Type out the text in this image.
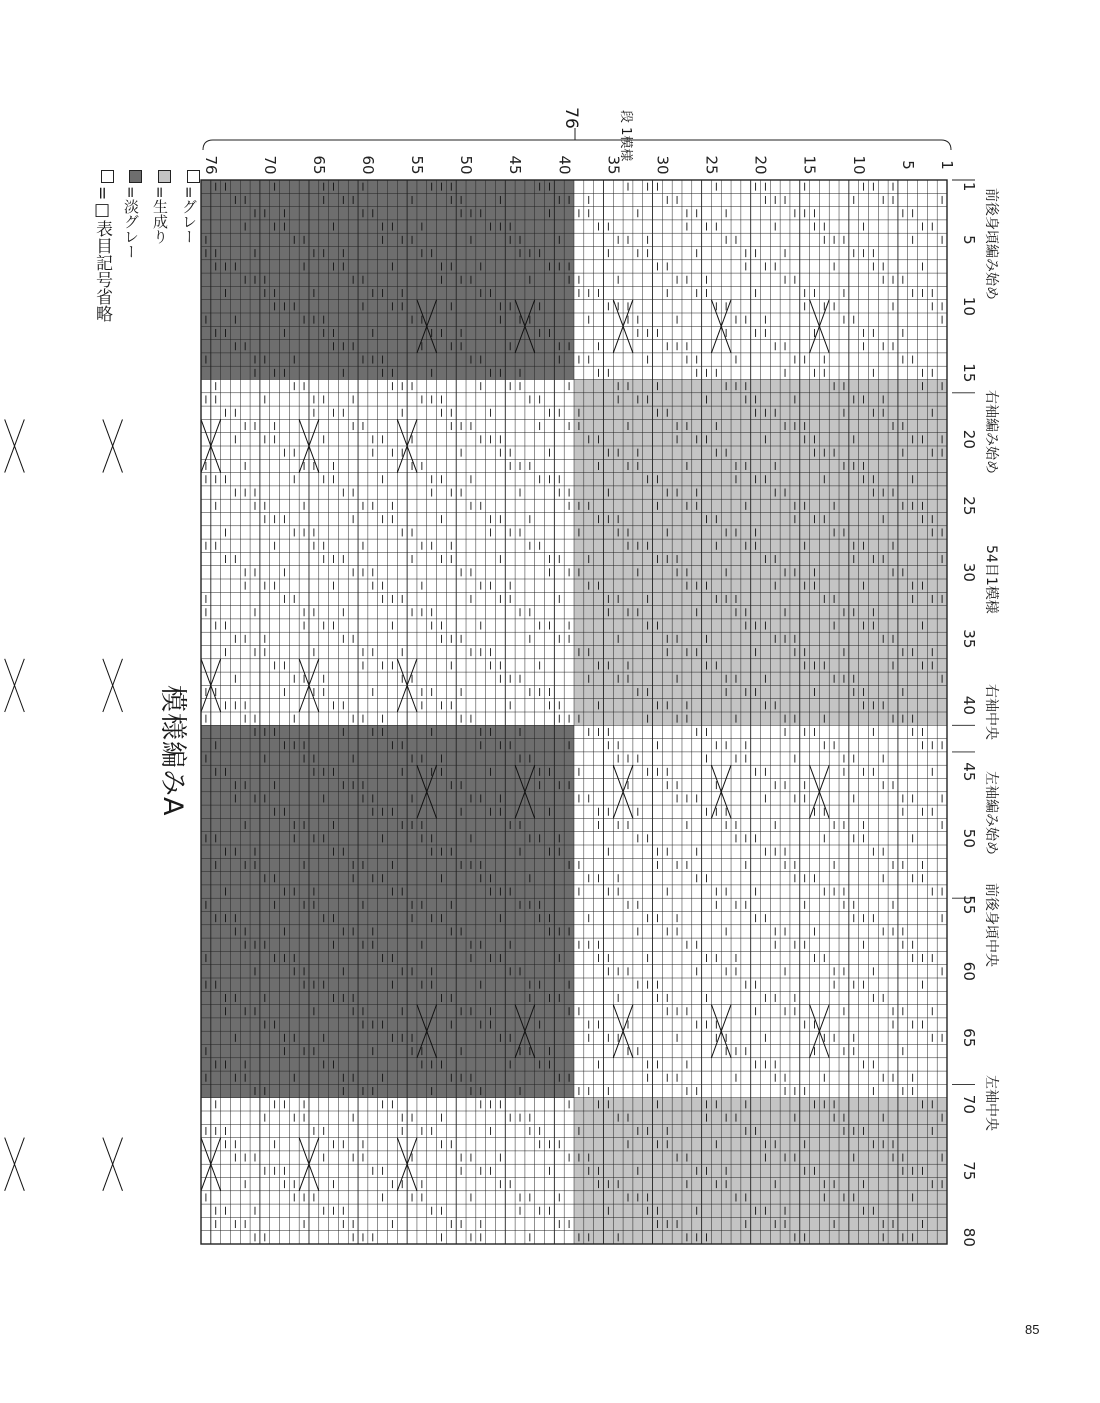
76	70 65 60 55 50 45 40 35 30 25 20 15 10 5 1
1
5
10
15
20
25
30
35
40
45
50
55
60
65
70
75
80
模様編みA
=グレー
=生成り
=淡グレー
=□表目記号省略
76	段 1模様
前後身頃編み始め
右袖編み始め
54目1模様
右袖中央
左袖編み始め
前後身頃中央
左袖中央
85
